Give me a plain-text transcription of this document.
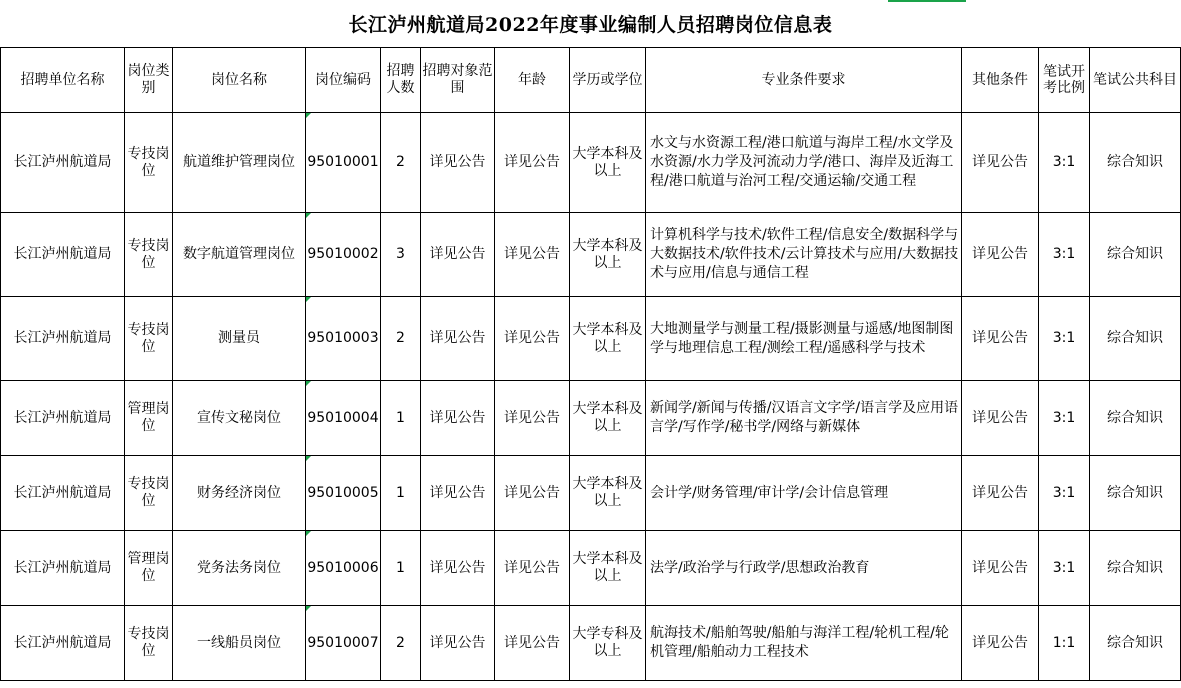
长江泸州航道局2022年度事业编制人员招聘岗位信息表
招聘单位名称	岗位类别	岗位名称	岗位编码	招聘人数	招聘对象范围	年龄	学历或学位	专业条件要求	其他条件	笔试开考比例	笔试公共科目
长江泸州航道局	专技岗位	航道维护管理岗位	95010001	2	详见公告	详见公告	大学本科及以上	水文与水资源工程/港口航道与海岸工程/水文学及水资源/水力学及河流动力学/港口、海岸及近海工程/港口航道与治河工程/交通运输/交通工程	详见公告	3:1	综合知识
长江泸州航道局	专技岗位	数字航道管理岗位	95010002	3	详见公告	详见公告	大学本科及以上	计算机科学与技术/软件工程/信息安全/数据科学与大数据技术/软件技术/云计算技术与应用/大数据技术与应用/信息与通信工程	详见公告	3:1	综合知识
长江泸州航道局	专技岗位	测量员	95010003	2	详见公告	详见公告	大学本科及以上	大地测量学与测量工程/摄影测量与遥感/地图制图学与地理信息工程/测绘工程/遥感科学与技术	详见公告	3:1	综合知识
长江泸州航道局	管理岗位	宣传文秘岗位	95010004	1	详见公告	详见公告	大学本科及以上	新闻学/新闻与传播/汉语言文字学/语言学及应用语言学/写作学/秘书学/网络与新媒体	详见公告	3:1	综合知识
长江泸州航道局	专技岗位	财务经济岗位	95010005	1	详见公告	详见公告	大学本科及以上	会计学/财务管理/审计学/会计信息管理	详见公告	3:1	综合知识
长江泸州航道局	管理岗位	党务法务岗位	95010006	1	详见公告	详见公告	大学本科及以上	法学/政治学与行政学/思想政治教育	详见公告	3:1	综合知识
长江泸州航道局	专技岗位	一线船员岗位	95010007	2	详见公告	详见公告	大学专科及以上	航海技术/船舶驾驶/船舶与海洋工程/轮机工程/轮机管理/船舶动力工程技术	详见公告	1:1	综合知识
